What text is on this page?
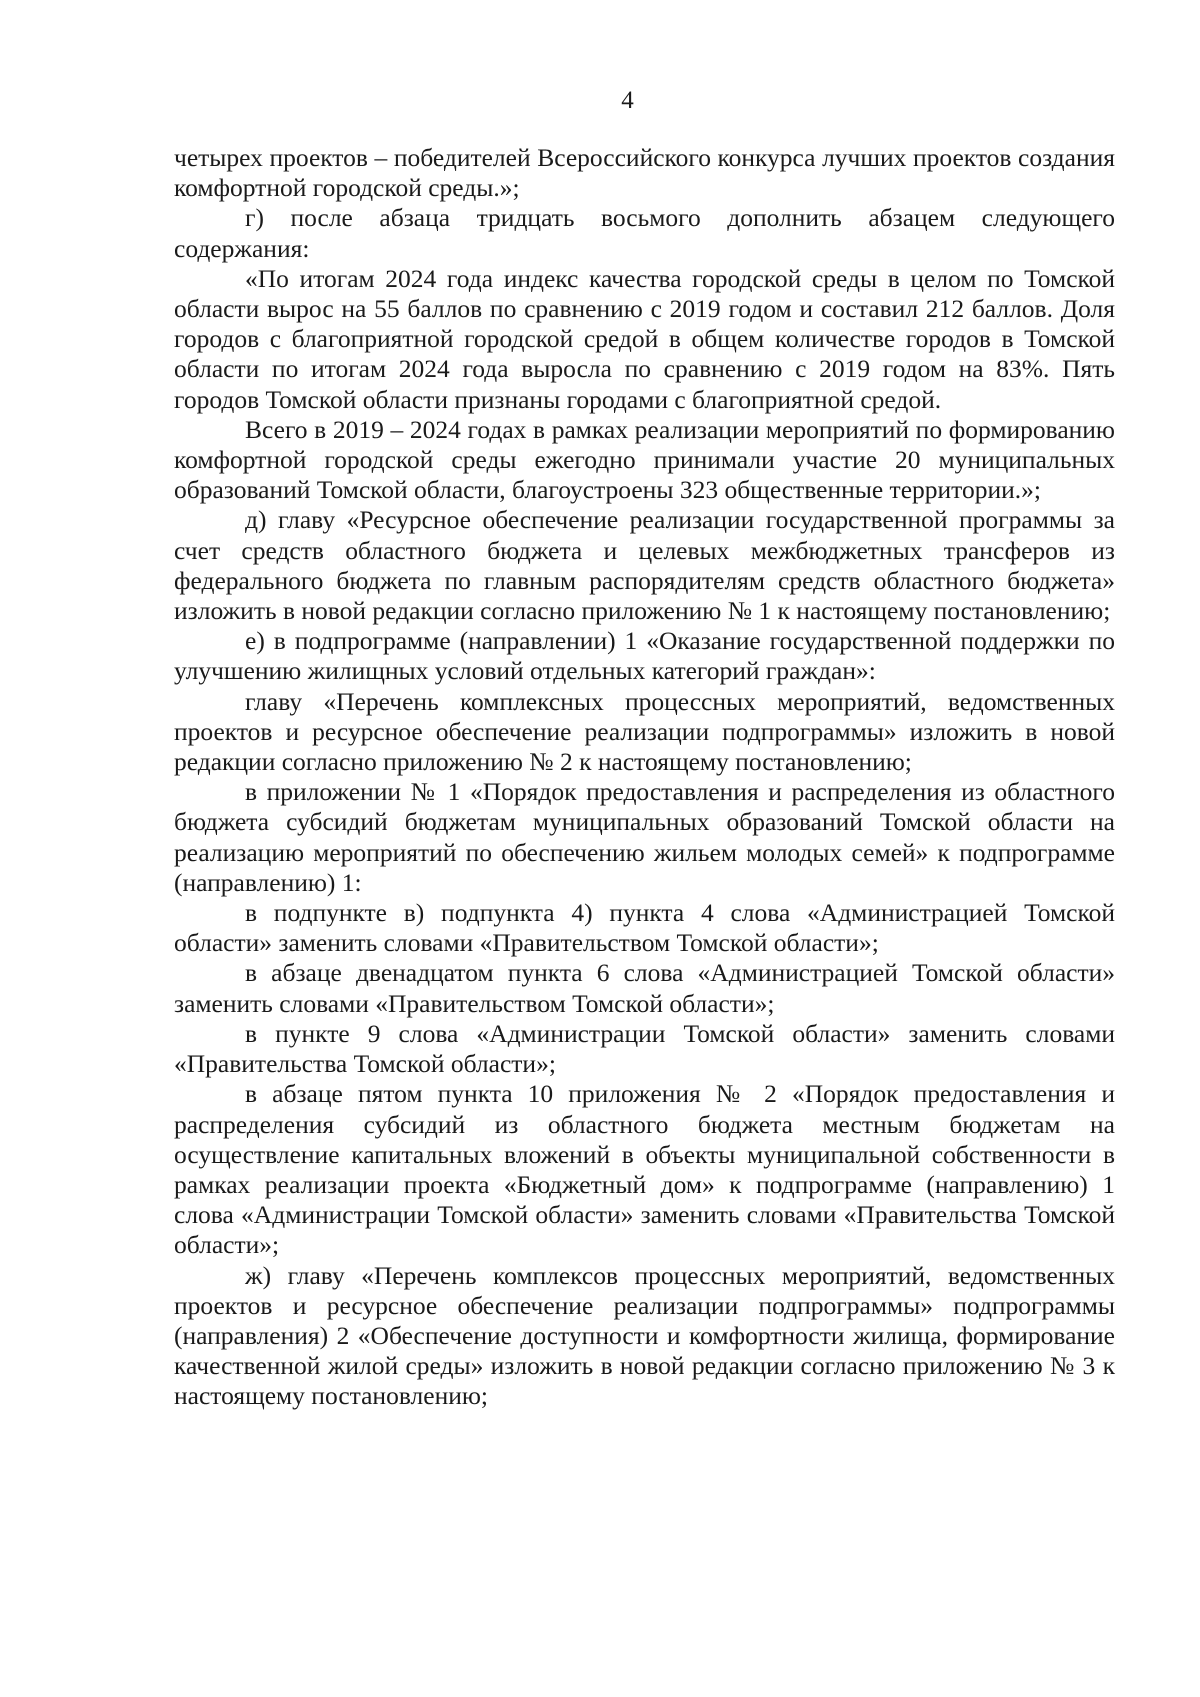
4

четырех проектов – победителей Всероссийского конкурса лучших проектов создания комфортной городской среды.»;

г) после абзаца тридцать восьмого дополнить абзацем следующего содержания:

«По итогам 2024 года индекс качества городской среды в целом по Томской области вырос на 55 баллов по сравнению с 2019 годом и составил 212 баллов. Доля городов с благоприятной городской средой в общем количестве городов в Томской области по итогам 2024 года выросла по сравнению с 2019 годом на 83%. Пять городов Томской области признаны городами с благоприятной средой.

Всего в 2019 – 2024 годах в рамках реализации мероприятий по формированию комфортной городской среды ежегодно принимали участие 20 муниципальных образований Томской области, благоустроены 323 общественные территории.»;

д) главу «Ресурсное обеспечение реализации государственной программы за счет средств областного бюджета и целевых межбюджетных трансферов из федерального бюджета по главным распорядителям средств областного бюджета» изложить в новой редакции согласно приложению № 1 к настоящему постановлению;

е) в подпрограмме (направлении) 1 «Оказание государственной поддержки по улучшению жилищных условий отдельных категорий граждан»:

главу «Перечень комплексных процессных мероприятий, ведомственных проектов и ресурсное обеспечение реализации подпрограммы» изложить в новой редакции согласно приложению № 2 к настоящему постановлению;

в приложении № 1 «Порядок предоставления и распределения из областного бюджета субсидий бюджетам муниципальных образований Томской области на реализацию мероприятий по обеспечению жильем молодых семей» к подпрограмме (направлению) 1:

в подпункте в) подпункта 4) пункта 4 слова «Администрацией Томской области» заменить словами «Правительством Томской области»;

в абзаце двенадцатом пункта 6 слова «Администрацией Томской области» заменить словами «Правительством Томской области»;

в пункте 9 слова «Администрации Томской области» заменить словами «Правительства Томской области»;

в абзаце пятом пункта 10 приложения № 2 «Порядок предоставления и распределения субсидий из областного бюджета местным бюджетам на осуществление капитальных вложений в объекты муниципальной собственности в рамках реализации проекта «Бюджетный дом» к подпрограмме (направлению) 1 слова «Администрации Томской области» заменить словами «Правительства Томской области»;

ж) главу «Перечень комплексов процессных мероприятий, ведомственных проектов и ресурсное обеспечение реализации подпрограммы» подпрограммы (направления) 2 «Обеспечение доступности и комфортности жилища, формирование качественной жилой среды» изложить в новой редакции согласно приложению № 3 к настоящему постановлению;
